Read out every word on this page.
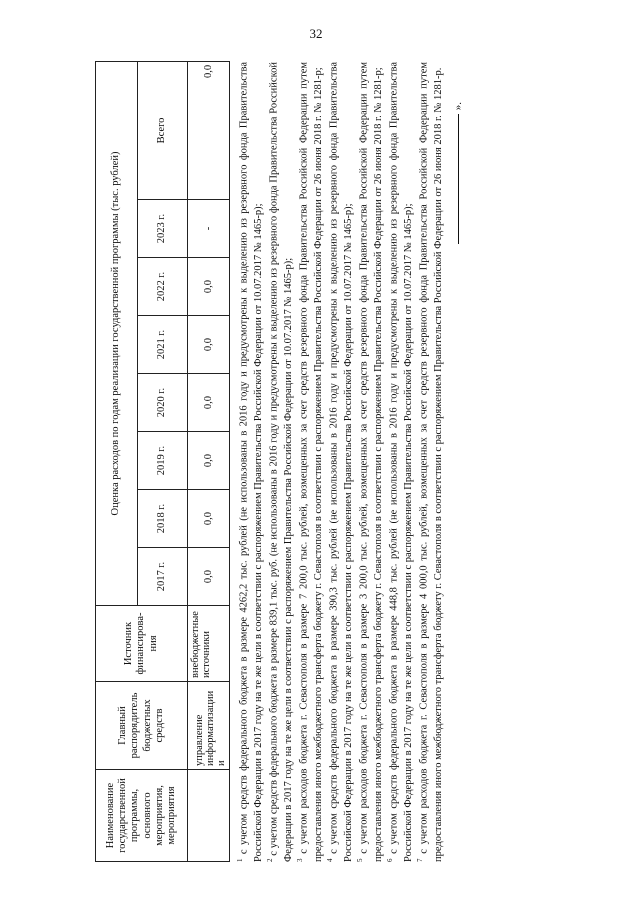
32
Наименование государственной программы, основного мероприятия, мероприятия	Главный распорядитель бюджетных средств	Источник финансирова-ния	Оценка расходов по годам реализации государственной программы (тыс. рублей)							
			2017 г.	2018 г.	2019 г.	2020 г.	2021 г.	2022 г.	2023 г.	Всего
	управление информатизации и	внебюджетные источники	0,0	0,0	0,0	0,0	0,0	0,0	-	0,0

$^1$ с учетом средств федерального бюджета в размере 4262,2 тыс. рублей (не использованы в 2016 году и предусмотрены к выделению из резервного фонда Правительства Российской Федерации в 2017 году на те же цели в соответствии с распоряжением Правительства Российской Федерации от 10.07.2017 № 1465-р); $^2$ с учетом средств федерального бюджета в размере 839,1 тыс. руб. (не использованы в 2016 году и предусмотрены к выделению из резервного фонда Правительства Российской Федерации в 2017 году на те же цели в соответствии с распоряжением Правительства Российской Федерации от 10.07.2017 № 1465-р); $^3$ с учетом расходов бюджета г. Севастополя в размере 7 200,0 тыс. рублей, возмещенных за счет средств резервного фонда Правительства Российской Федерации путем предоставления иного межбюджетного трансферта бюджету г. Севастополя в соответствии с распоряжением Правительства Российской Федерации от 26 июня 2018 г. № 1281-р; $^4$ с учетом средств федерального бюджета в размере 390,3 тыс. рублей (не использованы в 2016 году и предусмотрены к выделению из резервного фонда Правительства Российской Федерации в 2017 году на те же цели в соответствии с распоряжением Правительства Российской Федерации от 10.07.2017 № 1465-р); $^5$ с учетом расходов бюджета г. Севастополя в размере 3 200,0 тыс. рублей, возмещенных за счет средств резервного фонда Правительства Российской Федерации путем предоставления иного межбюджетного трансферта бюджету г. Севастополя в соответствии с распоряжением Правительства Российской Федерации от 26 июня 2018 г. № 1281-р; $^6$ с учетом средств федерального бюджета в размере 448,8 тыс. рублей (не использованы в 2016 году и предусмотрены к выделению из резервного фонда Правительства Российской Федерации в 2017 году на те же цели в соответствии с распоряжением Правительства Российской Федерации от 10.07.2017 № 1465-р); $^7$ с учетом расходов бюджета г. Севастополя в размере 4 000,0 тыс. рублей, возмещенных за счет средств резервного фонда Правительства Российской Федерации путем предоставления иного межбюджетного трансферта бюджету г. Севастополя в соответствии с распоряжением Правительства Российской Федерации от 26 июня 2018 г. № 1281-р. ».
